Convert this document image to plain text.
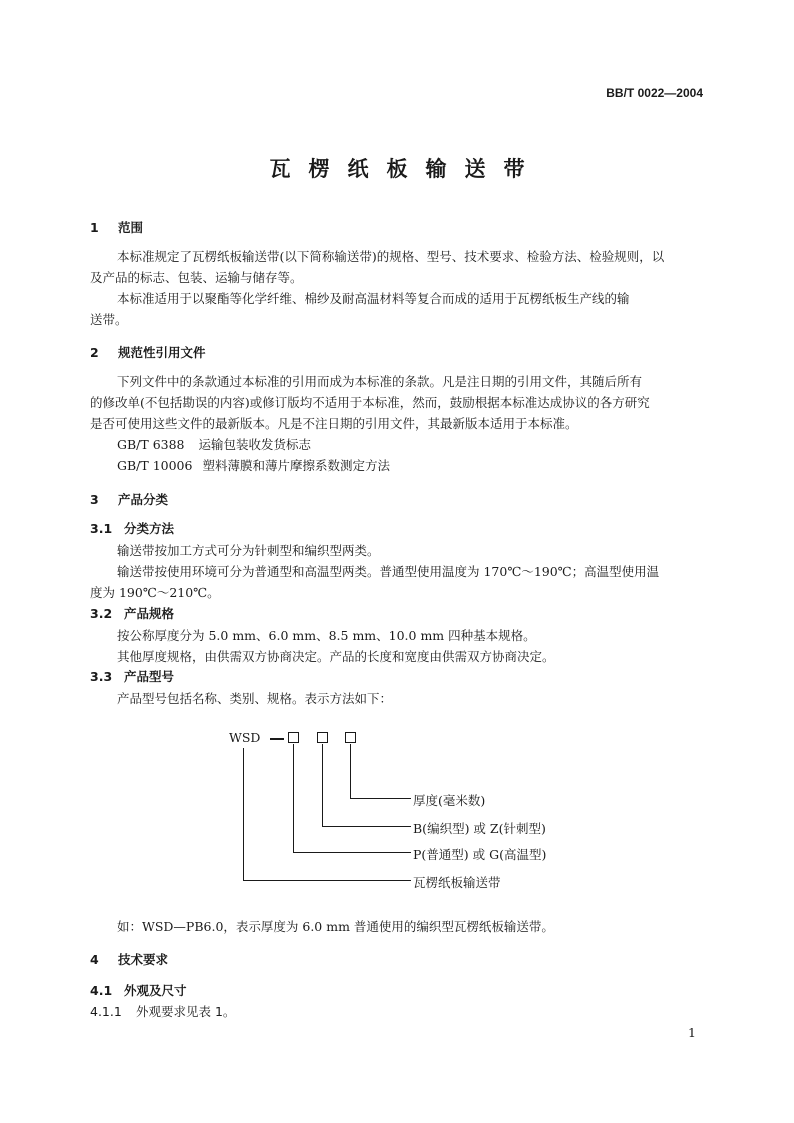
BB/T 0022—2004
瓦楞纸板输送带
1 范围
本标准规定了瓦楞纸板输送带(以下简称输送带)的规格、型号、技术要求、检验方法、检验规则，以
及产品的标志、包装、运输与储存等。
本标准适用于以聚酯等化学纤维、棉纱及耐高温材料等复合而成的适用于瓦楞纸板生产线的输
送带。
2 规范性引用文件
下列文件中的条款通过本标准的引用而成为本标准的条款。凡是注日期的引用文件，其随后所有
的修改单(不包括勘误的内容)或修订版均不适用于本标准，然而，鼓励根据本标准达成协议的各方研究
是否可使用这些文件的最新版本。凡是不注日期的引用文件，其最新版本适用于本标准。
GB/T 6388 运输包装收发货标志
GB/T 10006 塑料薄膜和薄片摩擦系数测定方法
3 产品分类
3.1 分类方法
输送带按加工方式可分为针刺型和编织型两类。
输送带按使用环境可分为普通型和高温型两类。普通型使用温度为 170℃～190℃；高温型使用温
度为 190℃～210℃。
3.2 产品规格
按公称厚度分为 5.0 mm、6.0 mm、8.5 mm、10.0 mm 四种基本规格。
其他厚度规格，由供需双方协商决定。产品的长度和宽度由供需双方协商决定。
3.3 产品型号
产品型号包括名称、类别、规格。表示方法如下：
WSD
厚度(毫米数)
B(编织型) 或 Z(针刺型)
P(普通型) 或 G(高温型)
瓦楞纸板输送带
如：WSD—PB6.0，表示厚度为 6.0 mm 普通使用的编织型瓦楞纸板输送带。
4 技术要求
4.1 外观及尺寸
4.1.1 外观要求见表 1。
1
